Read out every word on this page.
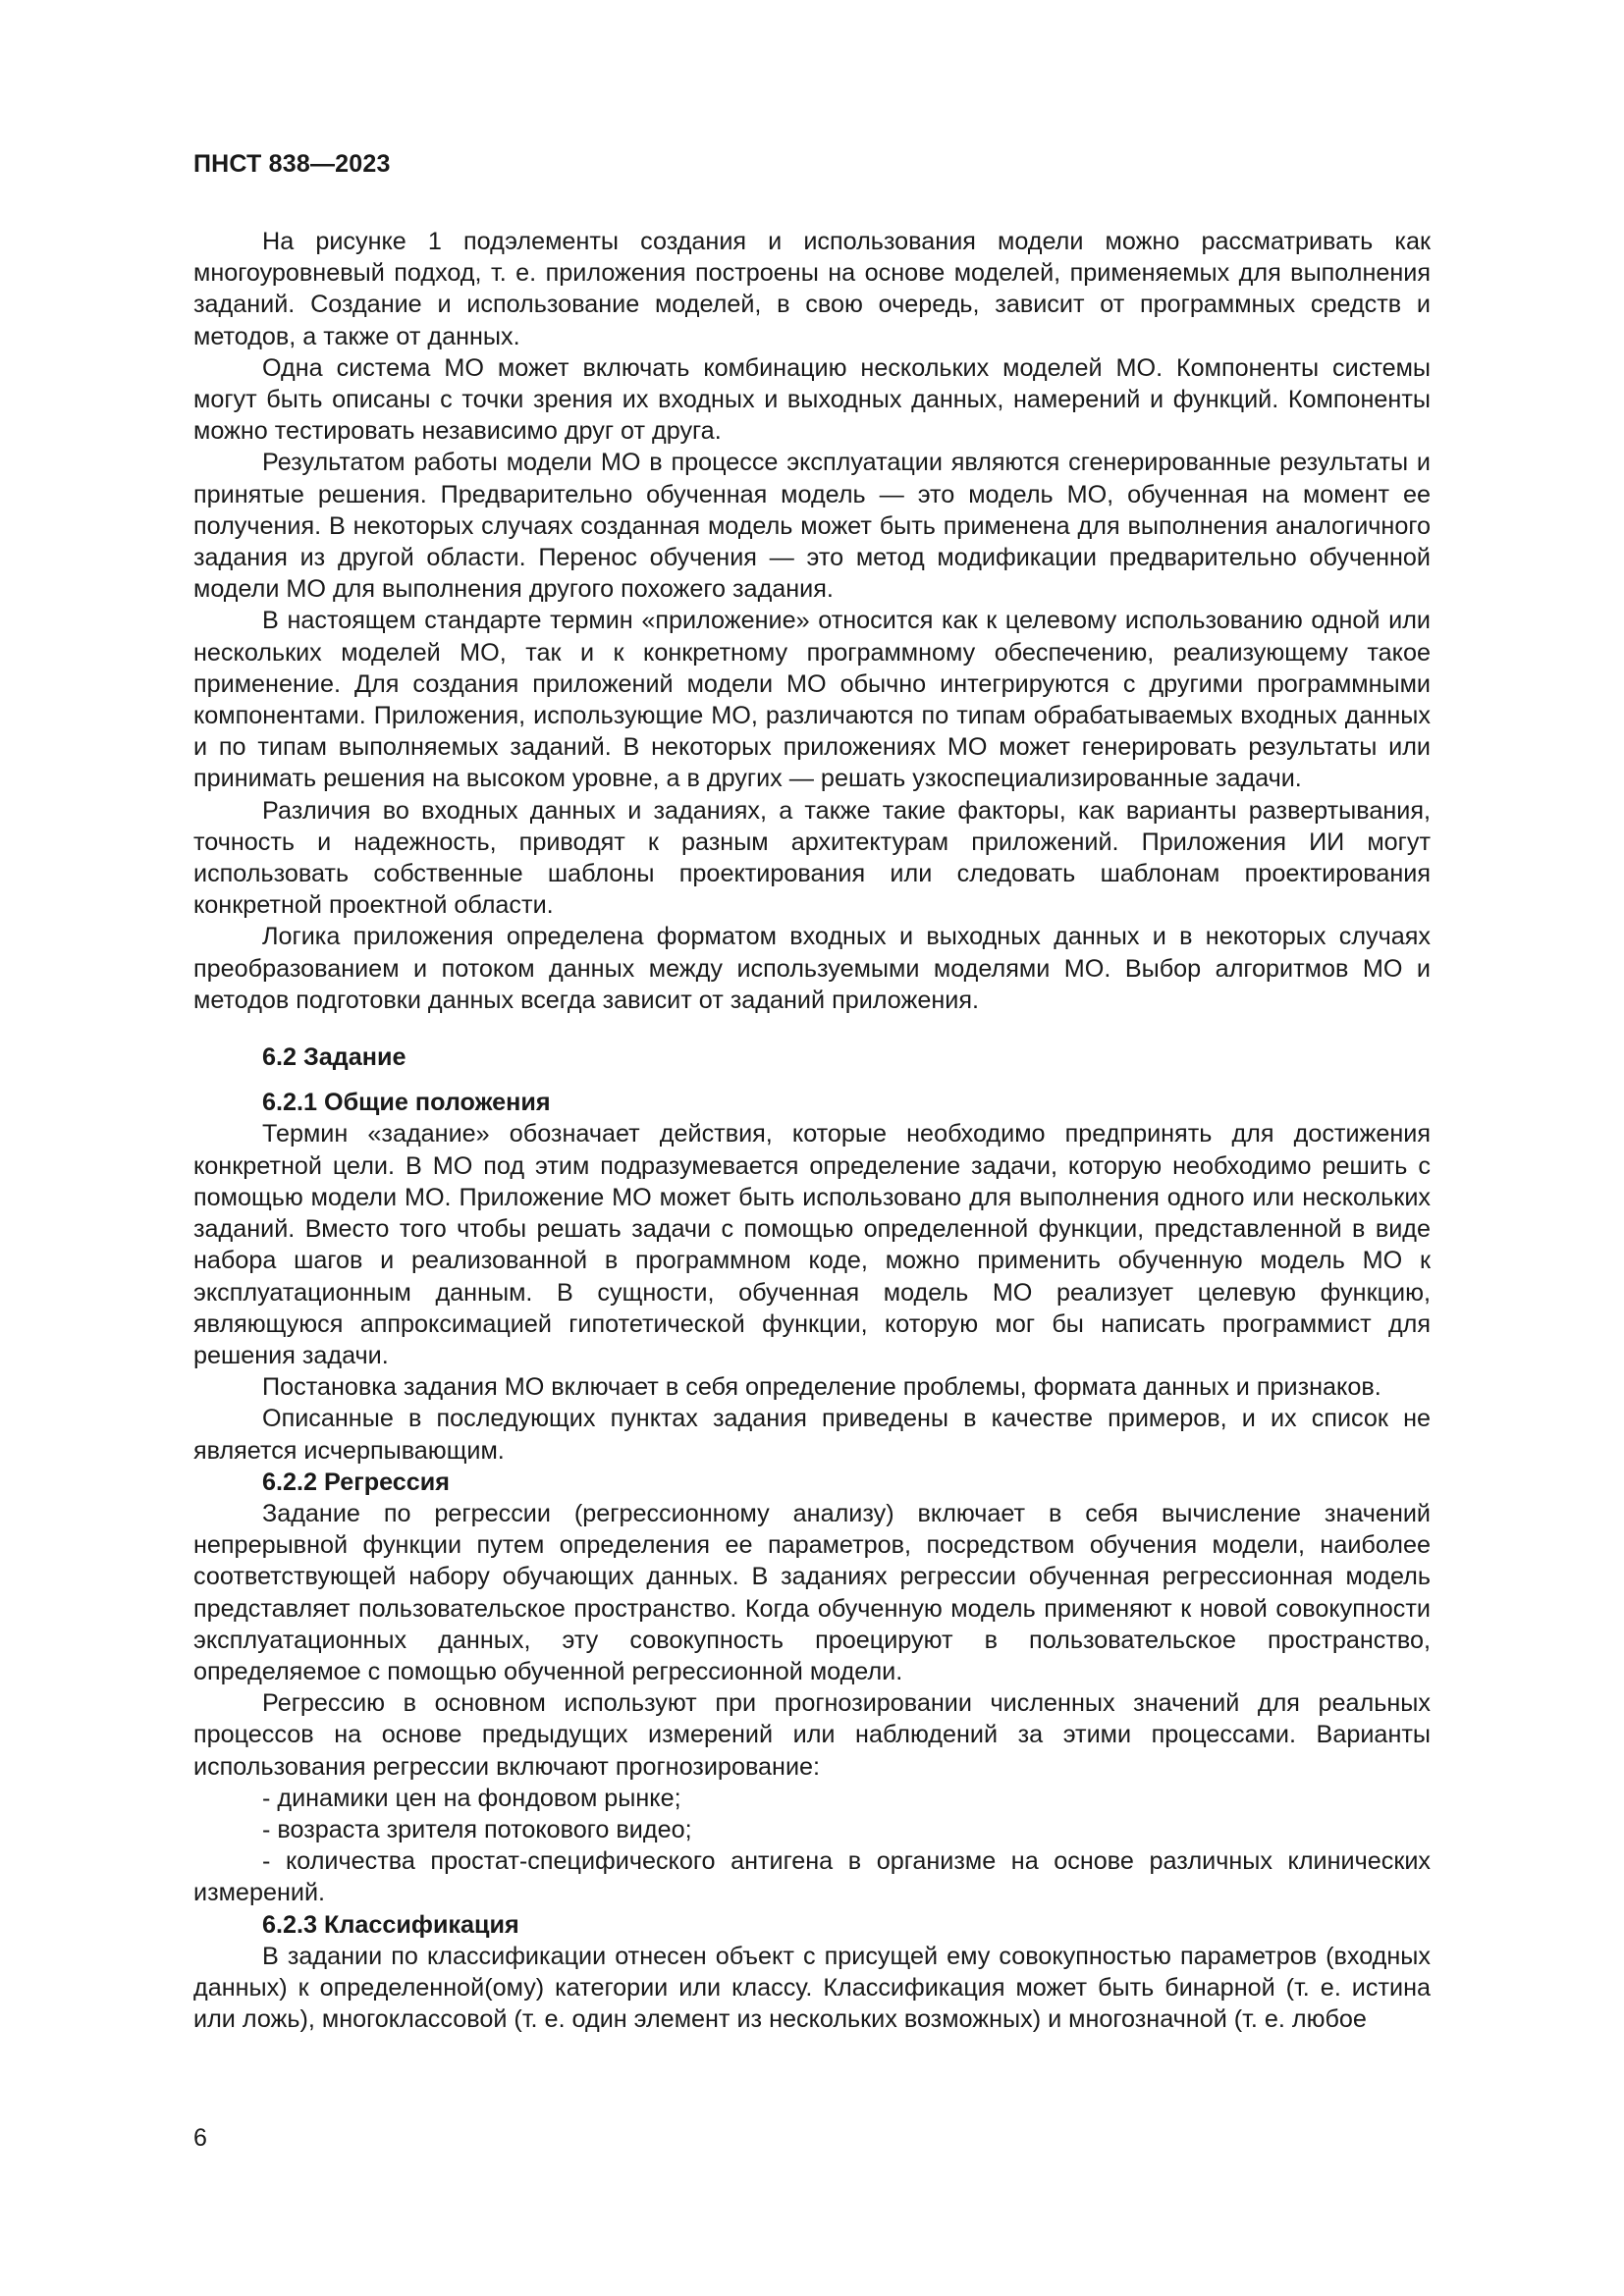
ПНСТ 838—2023

На рисунке 1 подэлементы создания и использования модели можно рассматривать как многоуровневый подход, т. е. приложения построены на основе моделей, применяемых для выполнения заданий. Создание и использование моделей, в свою очередь, зависит от программных средств и методов, а также от данных.

Одна система МО может включать комбинацию нескольких моделей МО. Компоненты системы могут быть описаны с точки зрения их входных и выходных данных, намерений и функций. Компоненты можно тестировать независимо друг от друга.

Результатом работы модели МО в процессе эксплуатации являются сгенерированные результаты и принятые решения. Предварительно обученная модель — это модель МО, обученная на момент ее получения. В некоторых случаях созданная модель может быть применена для выполнения аналогичного задания из другой области. Перенос обучения — это метод модификации предварительно обученной модели МО для выполнения другого похожего задания.

В настоящем стандарте термин «приложение» относится как к целевому использованию одной или нескольких моделей МО, так и к конкретному программному обеспечению, реализующему такое применение. Для создания приложений модели МО обычно интегрируются с другими программными компонентами. Приложения, использующие МО, различаются по типам обрабатываемых входных данных и по типам выполняемых заданий. В некоторых приложениях МО может генерировать результаты или принимать решения на высоком уровне, а в других — решать узкоспециализированные задачи.

Различия во входных данных и заданиях, а также такие факторы, как варианты развертывания, точность и надежность, приводят к разным архитектурам приложений. Приложения ИИ могут использовать собственные шаблоны проектирования или следовать шаблонам проектирования конкретной проектной области.

Логика приложения определена форматом входных и выходных данных и в некоторых случаях преобразованием и потоком данных между используемыми моделями МО. Выбор алгоритмов МО и методов подготовки данных всегда зависит от заданий приложения.

6.2 Задание
6.2.1 Общие положения

Термин «задание» обозначает действия, которые необходимо предпринять для достижения конкретной цели. В МО под этим подразумевается определение задачи, которую необходимо решить с помощью модели МО. Приложение МО может быть использовано для выполнения одного или нескольких заданий. Вместо того чтобы решать задачи с помощью определенной функции, представленной в виде набора шагов и реализованной в программном коде, можно применить обученную модель МО к эксплуатационным данным. В сущности, обученная модель МО реализует целевую функцию, являющуюся аппроксимацией гипотетической функции, которую мог бы написать программист для решения задачи.

Постановка задания МО включает в себя определение проблемы, формата данных и признаков.

Описанные в последующих пунктах задания приведены в качестве примеров, и их список не является исчерпывающим.

6.2.2 Регрессия

Задание по регрессии (регрессионному анализу) включает в себя вычисление значений непрерывной функции путем определения ее параметров, посредством обучения модели, наиболее соответствующей набору обучающих данных. В заданиях регрессии обученная регрессионная модель представляет пользовательское пространство. Когда обученную модель применяют к новой совокупности эксплуатационных данных, эту совокупность проецируют в пользовательское пространство, определяемое с помощью обученной регрессионной модели.

Регрессию в основном используют при прогнозировании численных значений для реальных процессов на основе предыдущих измерений или наблюдений за этими процессами. Варианты использования регрессии включают прогнозирование:

- динамики цен на фондовом рынке;

- возраста зрителя потокового видео;

- количества простат-специфического антигена в организме на основе различных клинических измерений.

6.2.3 Классификация

В задании по классификации отнесен объект с присущей ему совокупностью параметров (входных данных) к определенной(ому) категории или классу. Классификация может быть бинарной (т. е. истина или ложь), многоклассовой (т. е. один элемент из нескольких возможных) и многозначной (т. е. любое

6
